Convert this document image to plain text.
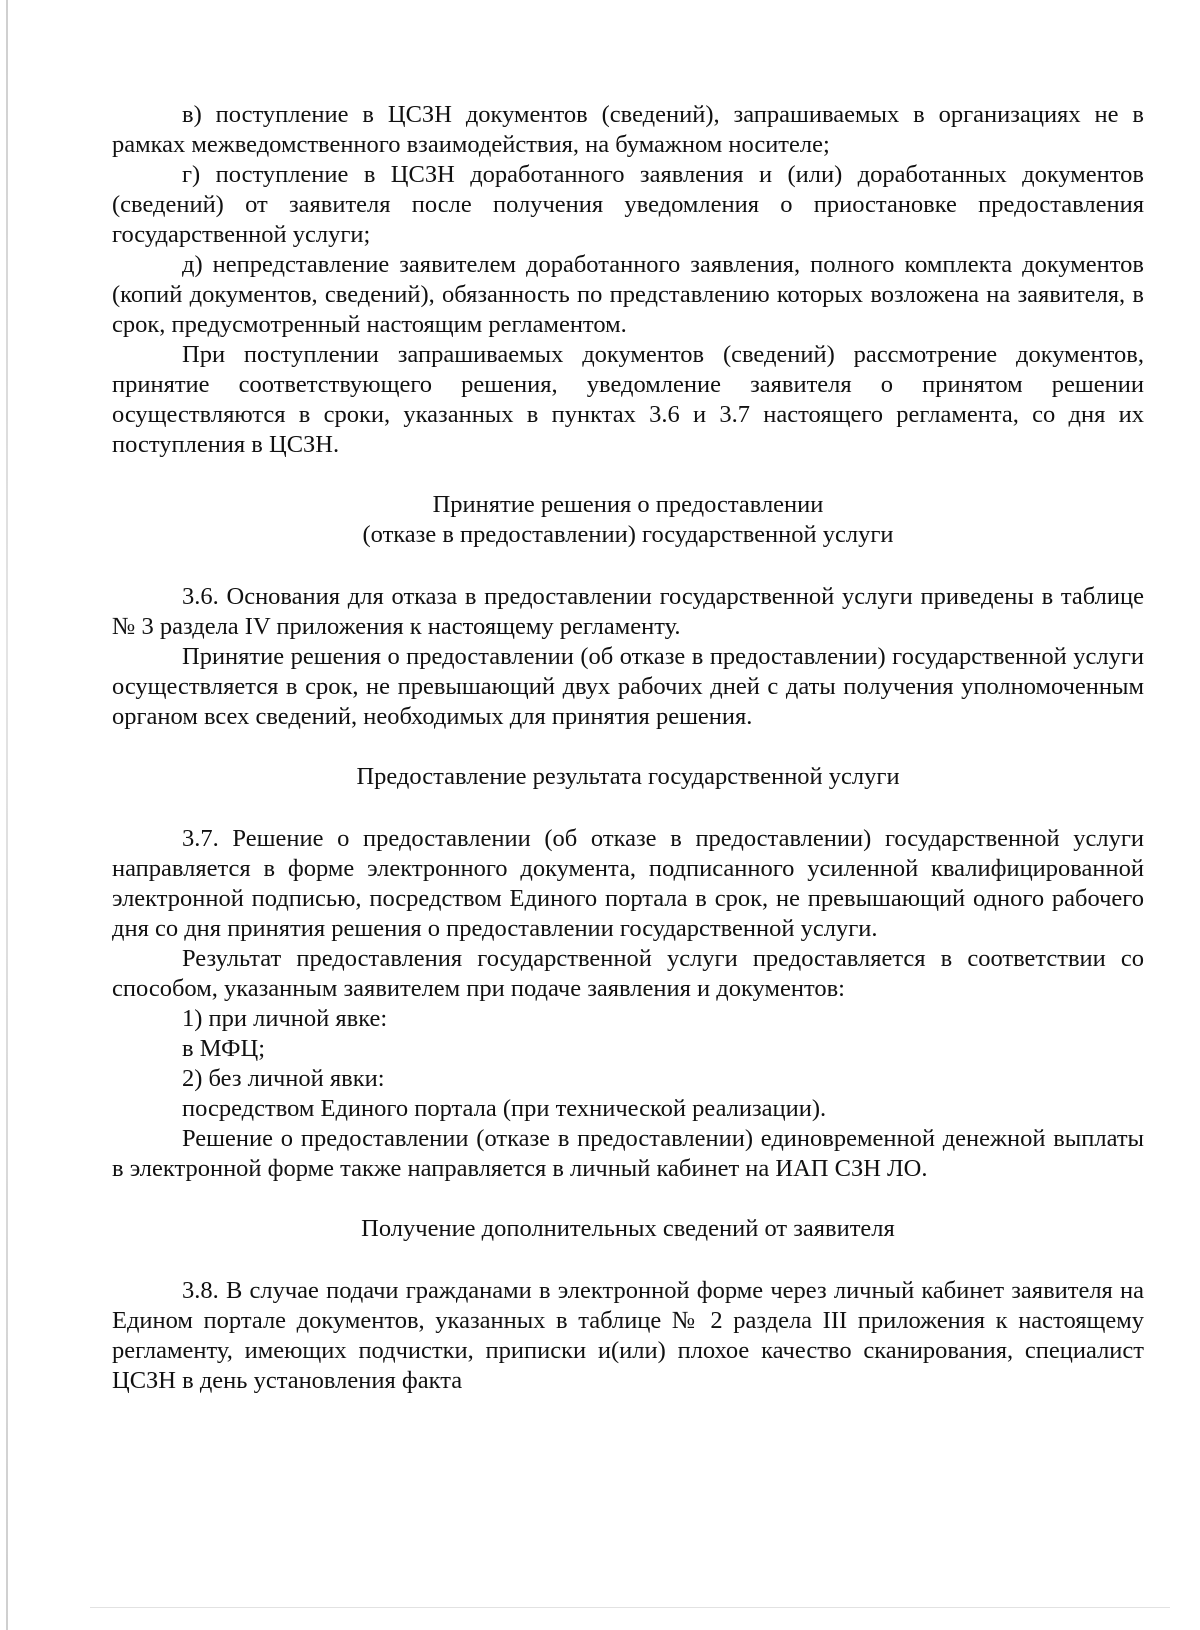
в) поступление в ЦСЗН документов (сведений), запрашиваемых в организациях не в рамках межведомственного взаимодействия, на бумажном носителе;

г) поступление в ЦСЗН доработанного заявления и (или) доработанных документов (сведений) от заявителя после получения уведомления о приостановке предоставления государственной услуги;

д) непредставление заявителем доработанного заявления, полного комплекта документов (копий документов, сведений), обязанность по представлению которых возложена на заявителя, в срок, предусмотренный настоящим регламентом.

При поступлении запрашиваемых документов (сведений) рассмотрение документов, принятие соответствующего решения, уведомление заявителя о принятом решении осуществляются в сроки, указанных в пунктах 3.6 и 3.7 настоящего регламента, со дня их поступления в ЦСЗН.

Принятие решения о предоставлении

(отказе в предоставлении) государственной услуги

3.6. Основания для отказа в предоставлении государственной услуги приведены в таблице № 3 раздела IV приложения к настоящему регламенту.

Принятие решения о предоставлении (об отказе в предоставлении) государственной услуги осуществляется в срок, не превышающий двух рабочих дней с даты получения уполномоченным органом всех сведений, необходимых для принятия решения.

Предоставление результата государственной услуги

3.7. Решение о предоставлении (об отказе в предоставлении) государственной услуги направляется в форме электронного документа, подписанного усиленной квалифицированной электронной подписью, посредством Единого портала в срок, не превышающий одного рабочего дня со дня принятия решения о предоставлении государственной услуги.

Результат предоставления государственной услуги предоставляется в соответствии со способом, указанным заявителем при подаче заявления и документов:

1) при личной явке:

в МФЦ;

2) без личной явки:

посредством Единого портала (при технической реализации).

Решение о предоставлении (отказе в предоставлении) единовременной денежной выплаты в электронной форме также направляется в личный кабинет на ИАП СЗН ЛО.

Получение дополнительных сведений от заявителя

3.8. В случае подачи гражданами в электронной форме через личный кабинет заявителя на Едином портале документов, указанных в таблице № 2 раздела III приложения к настоящему регламенту, имеющих подчистки, приписки и(или) плохое качество сканирования, специалист ЦСЗН в день установления факта
